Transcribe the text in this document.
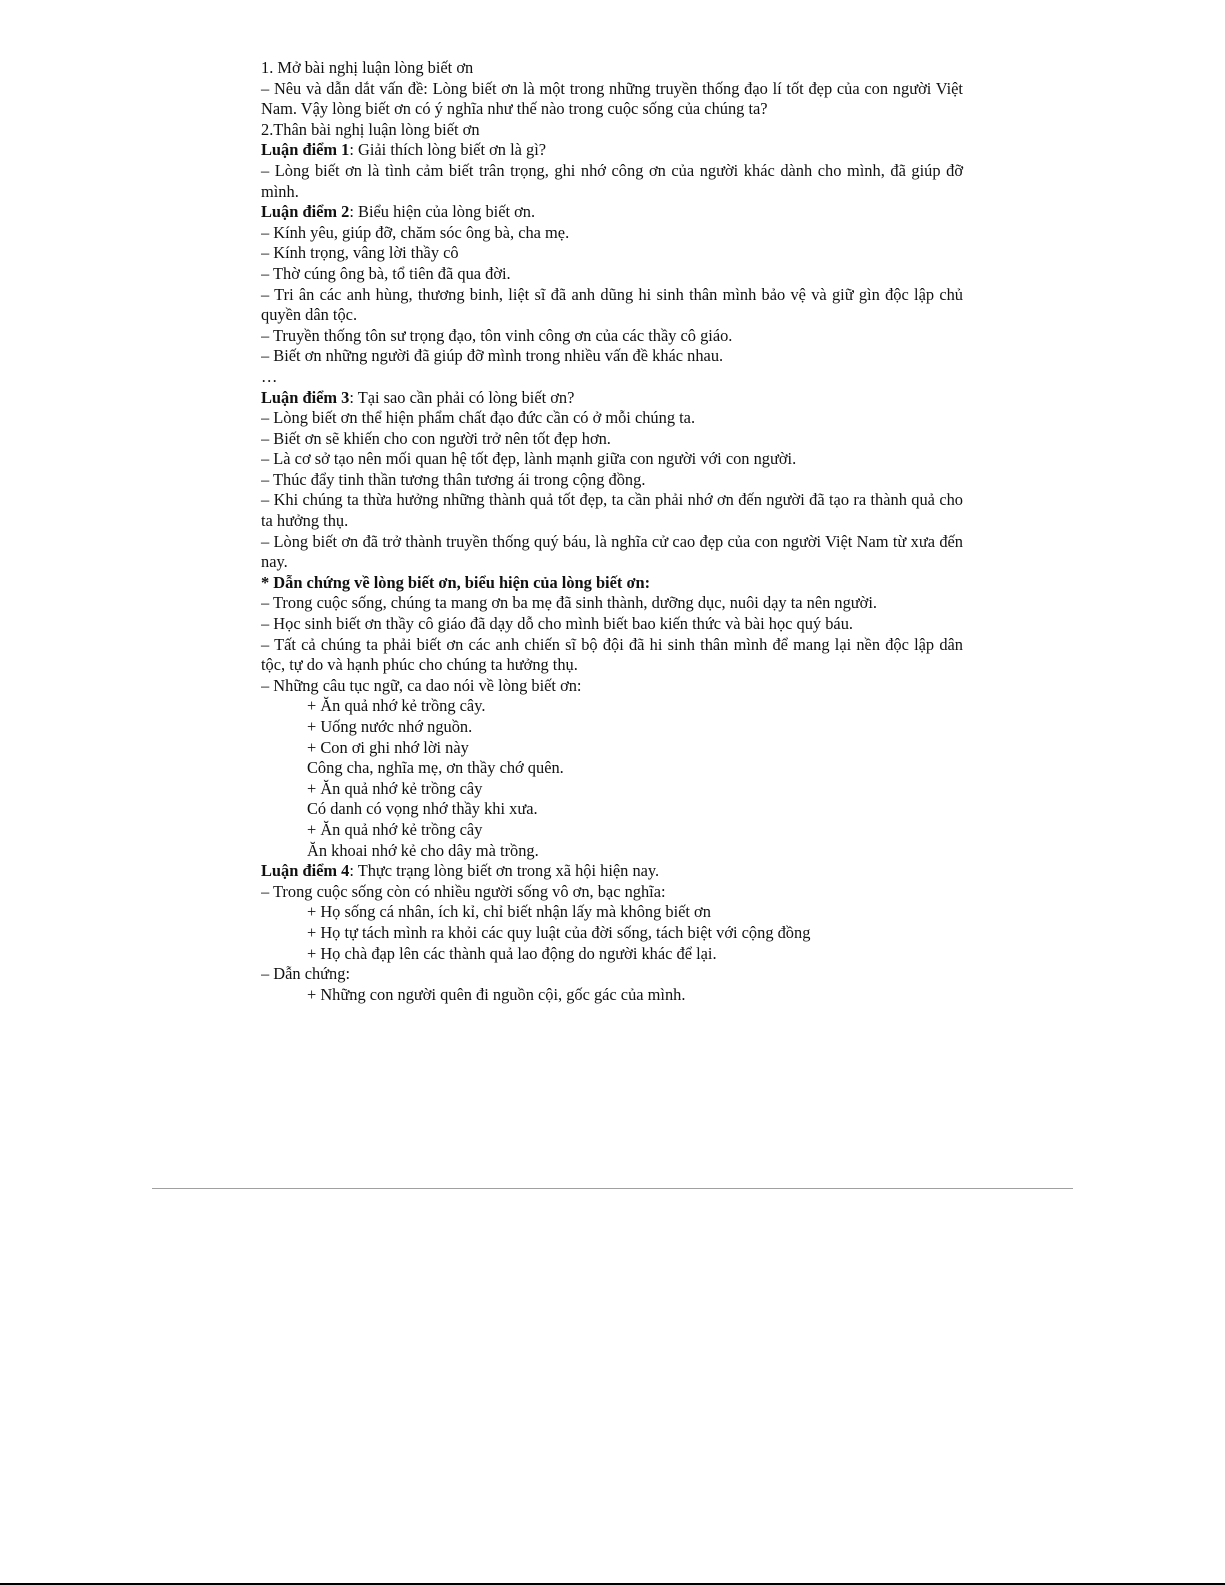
1. Mở bài nghị luận lòng biết ơn
– Nêu và dẫn dắt vấn đề: Lòng biết ơn là một trong những truyền thống đạo lí tốt đẹp của con người Việt Nam. Vậy lòng biết ơn có ý nghĩa như thế nào trong cuộc sống của chúng ta?
2.Thân bài nghị luận lòng biết ơn
Luận điểm 1: Giải thích lòng biết ơn là gì?
– Lòng biết ơn là tình cảm biết trân trọng, ghi nhớ công ơn của người khác dành cho mình, đã giúp đỡ mình.
Luận điểm 2: Biểu hiện của lòng biết ơn.
– Kính yêu, giúp đỡ, chăm sóc ông bà, cha mẹ.
– Kính trọng, vâng lời thầy cô
– Thờ cúng ông bà, tổ tiên đã qua đời.
– Tri ân các anh hùng, thương binh, liệt sĩ đã anh dũng hi sinh thân mình bảo vệ và giữ gìn độc lập chủ quyền dân tộc.
– Truyền thống tôn sư trọng đạo, tôn vinh công ơn của các thầy cô giáo.
– Biết ơn những người đã giúp đỡ mình trong nhiều vấn đề khác nhau.
…
Luận điểm 3: Tại sao cần phải có lòng biết ơn?
– Lòng biết ơn thể hiện phẩm chất đạo đức cần có ở mỗi chúng ta.
– Biết ơn sẽ khiến cho con người trở nên tốt đẹp hơn.
– Là cơ sở tạo nên mối quan hệ tốt đẹp, lành mạnh giữa con người với con người.
– Thúc đẩy tinh thần tương thân tương ái trong cộng đồng.
– Khi chúng ta thừa hưởng những thành quả tốt đẹp, ta cần phải nhớ ơn đến người đã tạo ra thành quả cho ta hưởng thụ.
– Lòng biết ơn đã trở thành truyền thống quý báu, là nghĩa cử cao đẹp của con người Việt Nam từ xưa đến nay.
* Dẫn chứng về lòng biết ơn, biểu hiện của lòng biết ơn:
– Trong cuộc sống, chúng ta mang ơn ba mẹ đã sinh thành, dưỡng dục, nuôi dạy ta nên người.
– Học sinh biết ơn thầy cô giáo đã dạy dỗ cho mình biết bao kiến thức và bài học quý báu.
– Tất cả chúng ta phải biết ơn các anh chiến sĩ bộ đội đã hi sinh thân mình để mang lại nền độc lập dân tộc, tự do và hạnh phúc cho chúng ta hưởng thụ.
– Những câu tục ngữ, ca dao nói về lòng biết ơn:
+ Ăn quả nhớ kẻ trồng cây.
+ Uống nước nhớ nguồn.
+ Con ơi ghi nhớ lời này
Công cha, nghĩa mẹ, ơn thầy chớ quên.
+ Ăn quả nhớ kẻ trồng cây
Có danh có vọng nhớ thầy khi xưa.
+ Ăn quả nhớ kẻ trồng cây
Ăn khoai nhớ kẻ cho dây mà trồng.
Luận điểm 4: Thực trạng lòng biết ơn trong xã hội hiện nay.
– Trong cuộc sống còn có nhiều người sống vô ơn, bạc nghĩa:
+ Họ sống cá nhân, ích kỉ, chỉ biết nhận lấy mà không biết ơn
+ Họ tự tách mình ra khỏi các quy luật của đời sống, tách biệt với cộng đồng
+ Họ chà đạp lên các thành quả lao động do người khác để lại.
– Dẫn chứng:
+ Những con người quên đi nguồn cội, gốc gác của mình.
